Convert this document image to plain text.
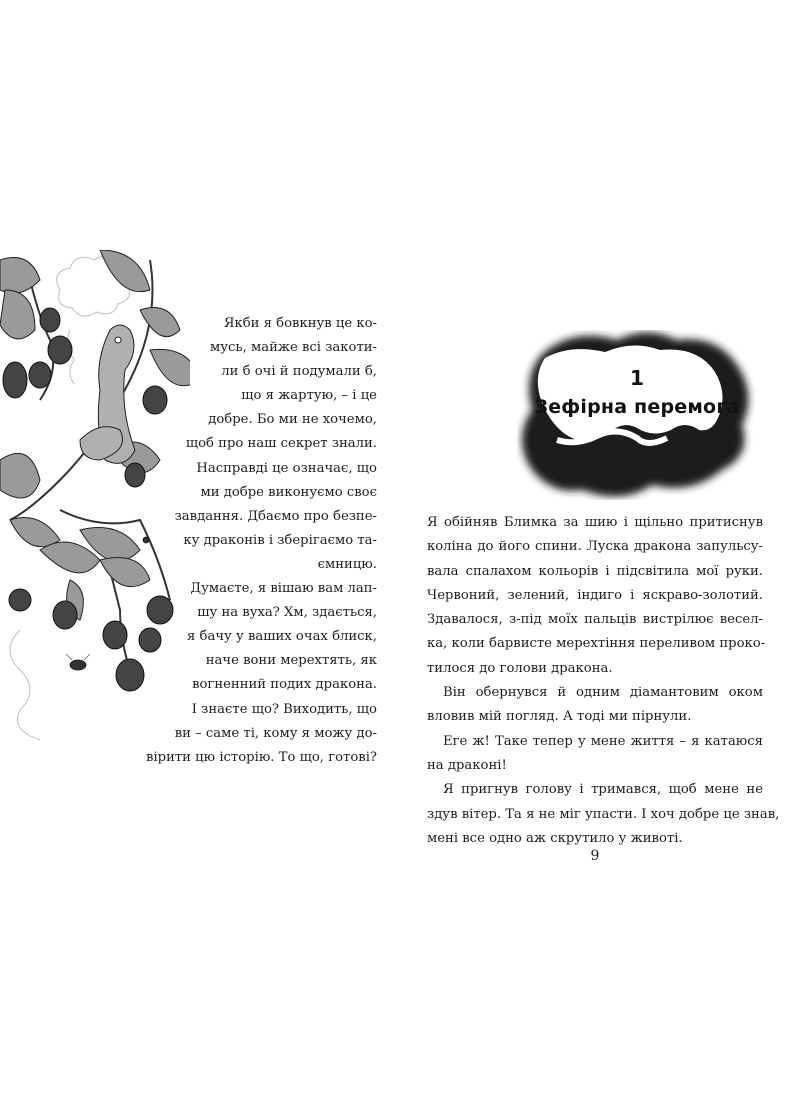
Якби я бовкнув це ко-
мусь, майже всі закоти-
ли б очі й подумали б,
що я жартую, – і це
добре. Бо ми не хочемо,
щоб про наш секрет знали.
Насправді це означає, що
ми добре виконуємо своє
завдання. Дбаємо про безпе-
ку драконів і зберігаємо та-
ємницю.
Думаєте, я вішаю вам лап-
шу на вуха? Хм, здається,
я бачу у ваших очах блиск,
наче вони мерехтять, як
вогненний подих дракона.
І знаєте що? Виходить, що
ви – саме ті, кому я можу до-
вірити цю історію. То що, готові?
1
Зефірна перемога
Я обійняв Блимка за шию і щільно притиснув
коліна до його спини. Луска дракона запульсу-
вала спалахом кольорів і підсвітила мої руки.
Червоний, зелений, індиго і яскраво-золотий.
Здавалося, з-під моїх пальців вистрілює весел-
ка, коли барвисте мерехтіння переливом проко-
тилося до голови дракона.
Він обернувся й одним діамантовим оком
вловив мій погляд. А тоді ми пірнули.
Еге ж! Таке тепер у мене життя – я катаюся
на драконі!
Я пригнув голову і тримався, щоб мене не
здув вітер. Та я не міг упасти. І хоч добре це знав,
мені все одно аж скрутило у животі.
9
